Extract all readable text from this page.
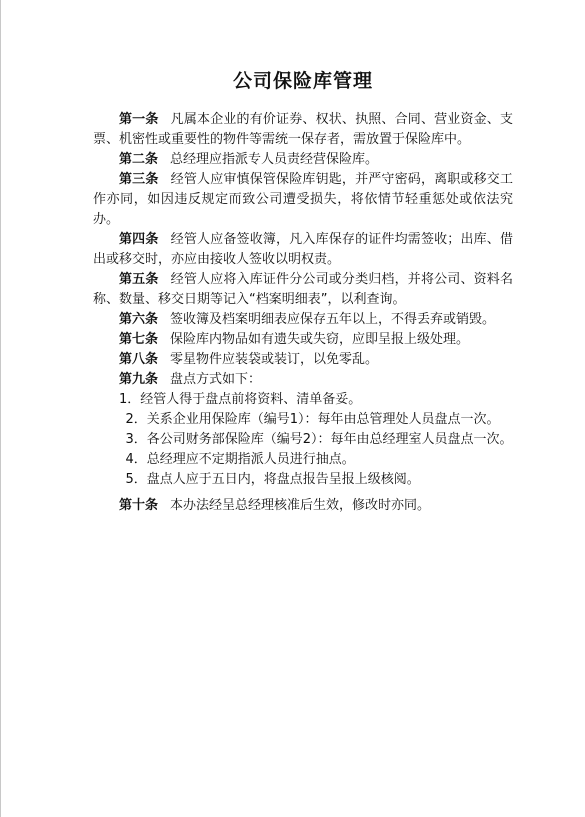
公司保险库管理

第一条 凡属本企业的有价证券、权状、执照、合同、营业资金、支票、机密性或重要性的物件等需统一保存者，需放置于保险库中。

第二条 总经理应指派专人员责经营保险库。

第三条 经管人应审慎保管保险库钥匙，并严守密码，离职或移交工作亦同，如因违反规定而致公司遭受损失，将依情节轻重惩处或依法究办。

第四条 经管人应备签收簿，凡入库保存的证件均需签收；出库、借出或移交时，亦应由接收人签收以明权责。

第五条 经管人应将入库证件分公司或分类归档，并将公司、资料名称、数量、移交日期等记入“档案明细表”，以利查询。

第六条 签收簿及档案明细表应保存五年以上，不得丢弃或销毁。

第七条 保险库内物品如有遗失或失窃，应即呈报上级处理。

第八条 零星物件应装袋或装订，以免零乱。

第九条 盘点方式如下：

1．经管人得于盘点前将资料、清单备妥。

2．关系企业用保险库（编号1）：每年由总管理处人员盘点一次。

3．各公司财务部保险库（编号2）：每年由总经理室人员盘点一次。

4．总经理应不定期指派人员进行抽点。

5．盘点人应于五日内，将盘点报告呈报上级核阅。

第十条 本办法经呈总经理核准后生效，修改时亦同。
